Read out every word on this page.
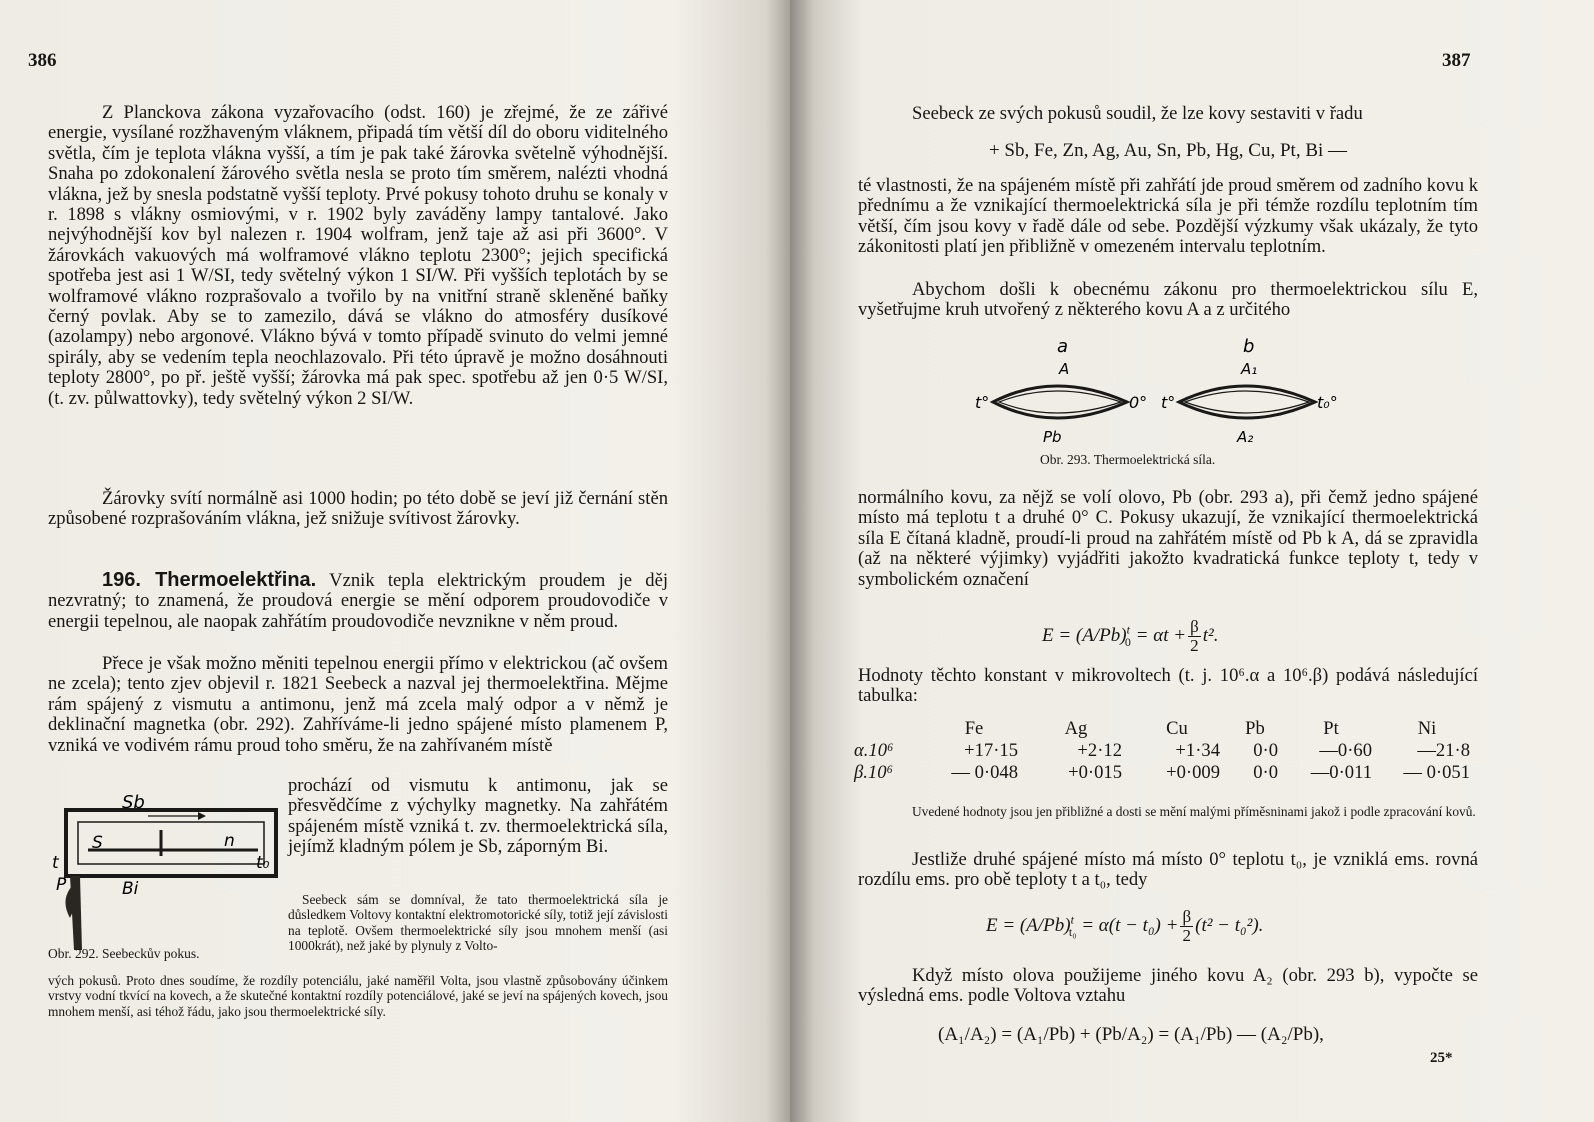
386

Z Planckova zákona vyzařovacího (odst. 160) je zřejmé, že ze zářivé energie, vysílané rozžhaveným vláknem, připadá tím větší díl do oboru viditelného světla, čím je teplota vlákna vyšší, a tím je pak také žárovka světelně výhodnější. Snaha po zdokonalení žárového světla nesla se proto tím směrem, nalézti vhodná vlákna, jež by snesla podstatně vyšší teploty. Prvé pokusy tohoto druhu se konaly v r. 1898 s vlákny osmiovými, v r. 1902 byly zaváděny lampy tantalové. Jako nejvýhodnější kov byl nalezen r. 1904 wolfram, jenž taje až asi při 3600°. V žárovkách vakuových má wolframové vlákno teplotu 2300°; jejich specifická spotřeba jest asi 1 W/SI, tedy světelný výkon 1 SI/W. Při vyšších teplotách by se wolframové vlákno rozprašovalo a tvořilo by na vnitřní straně skleněné baňky černý povlak. Aby se to zamezilo, dává se vlákno do atmosféry dusíkové (azolampy) nebo argonové. Vlákno bývá v tomto případě svinuto do velmi jemné spirály, aby se vedením tepla neochlazovalo. Při této úpravě je možno dosáhnouti teploty 2800°, po př. ještě vyšší; žárovka má pak spec. spotřebu až jen 0·5 W/SI, (t. zv. půlwattovky), tedy světelný výkon 2 SI/W.

Žárovky svítí normálně asi 1000 hodin; po této době se jeví již černání stěn způsobené rozprašováním vlákna, jež snižuje svítivost žárovky.

196. Thermoelektřina. Vznik tepla elektrickým proudem je děj nezvratný; to znamená, že proudová energie se mění odporem proudovodiče v energii tepelnou, ale naopak zahřátím proudovodiče nevznikne v něm proud.

Přece je však možno měniti tepelnou energii přímo v elektrickou (ač ovšem ne zcela); tento zjev objevil r. 1821 Seebeck a nazval jej thermoelektřina. Mějme rám spájený z vismutu a antimonu, jenž má zcela malý odpor a v němž je deklinační magnetka (obr. 292). Zahříváme-li jedno spájené místo plamenem P, vzniká ve vodivém rámu proud toho směru, že na zahřívaném místě

Sb
S	n
t	t₀
P	Bi
Obr. 292. Seebeckův pokus.

prochází od vismutu k antimonu, jak se přesvědčíme z výchylky magnetky. Na zahřátém spájeném místě vzniká t. zv. thermoelektrická síla, jejímž kladným pólem je Sb, záporným Bi.

Seebeck sám se domníval, že tato thermoelektrická síla je důsledkem Voltovy kontaktní elektromotorické síly, totiž její závislosti na teplotě. Ovšem thermoelektrické síly jsou mnohem menší (asi 1000krát), než jaké by plynuly z Volto-

vých pokusů. Proto dnes soudíme, že rozdíly potenciálu, jaké naměřil Volta, jsou vlastně způsobovány účinkem vrstvy vodní tkvící na kovech, a že skutečné kontaktní rozdíly potenciálové, jaké se jeví na spájených kovech, jsou mnohem menší, asi téhož řádu, jako jsou thermoelektrické síly.

387

Seebeck ze svých pokusů soudil, že lze kovy sestaviti v řadu

+ Sb, Fe, Zn, Ag, Au, Sn, Pb, Hg, Cu, Pt, Bi —

té vlastnosti, že na spájeném místě při zahřátí jde proud směrem od zadního kovu k přednímu a že vznikající thermoelektrická síla je při témže rozdílu teplotním tím větší, čím jsou kovy v řadě dále od sebe. Pozdější výzkumy však ukázaly, že tyto zákonitosti platí jen přibližně v omezeném intervalu teplotním.

Abychom došli k obecnému zákonu pro thermoelektrickou sílu E, vyšetřujme kruh utvořený z některého kovu A a z určitého

a
A
t°	0°
Pb
b
A₁
t°	t₀°
A₂
Obr. 293. Thermoelektrická síla.

normálního kovu, za nějž se volí olovo, Pb (obr. 293 a), při čemž jedno spájené místo má teplotu t a druhé 0° C. Pokusy ukazují, že vznikající thermoelektrická síla E čítaná kladně, proudí-li proud na zahřátém místě od Pb k A, dá se zpravidla (až na některé výjimky) vyjádřiti jakožto kvadratická funkce teploty t, tedy v symbolickém označení

$E = (A/Pb)^t_0 = \alpha t + \frac{\beta}{2} t^2$.

Hodnoty těchto konstant v mikrovoltech (t. j. 10⁶.α a 10⁶.β) podává následující tabulka:

	Fe	Ag	Cu	Pb	Pt	Ni
α.10⁶	+17·15	+2·12	+1·34	0·0	—0·60	—21·8
β.10⁶	— 0·048	+0·015	+0·009	0·0	—0·011	— 0·051

Uvedené hodnoty jsou jen přibližné a dosti se mění malými příměsninami jakož i podle zpracování kovů.

Jestliže druhé spájené místo má místo 0° teplotu t₀, je vzniklá ems. rovná rozdílu ems. pro obě teploty t a t₀, tedy

$E = (A/Pb)^t_{t_0} = \alpha(t - t_0) + \frac{\beta}{2} (t^2 - t_0^2)$.

Když místo olova použijeme jiného kovu A₂ (obr. 293 b), vypočte se výsledná ems. podle Voltova vztahu

(A₁/A₂) = (A₁/Pb) + (Pb/A₂) = (A₁/Pb) — (A₂/Pb),
25*
